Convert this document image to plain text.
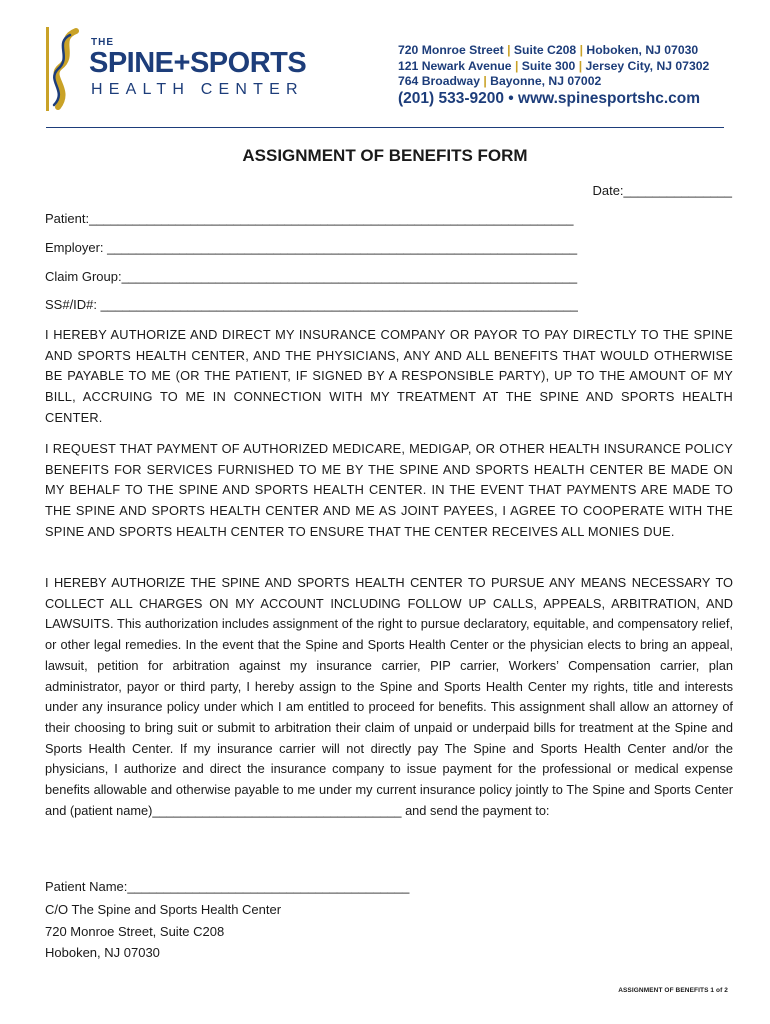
THE
SPINE+SPORTS
HEALTH CENTER
720 Monroe Street | Suite C208 | Hoboken, NJ 07030
121 Newark Avenue | Suite 300 | Jersey City, NJ 07302
764 Broadway | Bayonne, NJ 07002
(201) 533-9200 • www.spinesportshc.com
ASSIGNMENT OF BENEFITS FORM
Date:_______________
Patient:___________________________________________________________________
Employer: _________________________________________________________________
Claim Group:_______________________________________________________________
SS#/ID#: __________________________________________________________________
I HEREBY AUTHORIZE AND DIRECT MY INSURANCE COMPANY OR PAYOR TO PAY DIRECTLY TO THE SPINE AND SPORTS HEALTH CENTER, AND THE PHYSICIANS, ANY AND ALL BENEFITS THAT WOULD OTHERWISE BE PAYABLE TO ME (OR THE PATIENT, IF SIGNED BY A RESPONSIBLE PARTY), UP TO THE AMOUNT OF MY BILL, ACCRUING TO ME IN CONNECTION WITH MY TREATMENT AT THE SPINE AND SPORTS HEALTH CENTER.
I REQUEST THAT PAYMENT OF AUTHORIZED MEDICARE, MEDIGAP, OR OTHER HEALTH INSURANCE POLICY BENEFITS FOR SERVICES FURNISHED TO ME BY THE SPINE AND SPORTS HEALTH CENTER BE MADE ON MY BEHALF TO THE SPINE AND SPORTS HEALTH CENTER. IN THE EVENT THAT PAYMENTS ARE MADE TO THE SPINE AND SPORTS HEALTH CENTER AND ME AS JOINT PAYEES, I AGREE TO COOPERATE WITH THE SPINE AND SPORTS HEALTH CENTER TO ENSURE THAT THE CENTER RECEIVES ALL MONIES DUE.
I HEREBY AUTHORIZE THE SPINE AND SPORTS HEALTH CENTER TO PURSUE ANY MEANS NECESSARY TO COLLECT ALL CHARGES ON MY ACCOUNT INCLUDING FOLLOW UP CALLS, APPEALS, ARBITRATION, AND LAWSUITS. This authorization includes assignment of the right to pursue declaratory, equitable, and compensatory relief, or other legal remedies. In the event that the Spine and Sports Health Center or the physician elects to bring an appeal, lawsuit, petition for arbitration against my insurance carrier, PIP carrier, Workers’ Compensation carrier, plan administrator, payor or third party, I hereby assign to the Spine and Sports Health Center my rights, title and interests under any insurance policy under which I am entitled to proceed for benefits. This assignment shall allow an attorney of their choosing to bring suit or submit to arbitration their claim of unpaid or underpaid bills for treatment at the Spine and Sports Health Center. If my insurance carrier will not directly pay The Spine and Sports Health Center and/or the physicians, I authorize and direct the insurance company to issue payment for the professional or medical expense benefits allowable and otherwise payable to me under my current insurance policy jointly to The Spine and Sports Center and (patient name)___________________________________ and send the payment to:
Patient Name:_______________________________________
C/O The Spine and Sports Health Center
720 Monroe Street, Suite C208
Hoboken, NJ 07030
ASSIGNMENT OF BENEFITS 1 of 2
